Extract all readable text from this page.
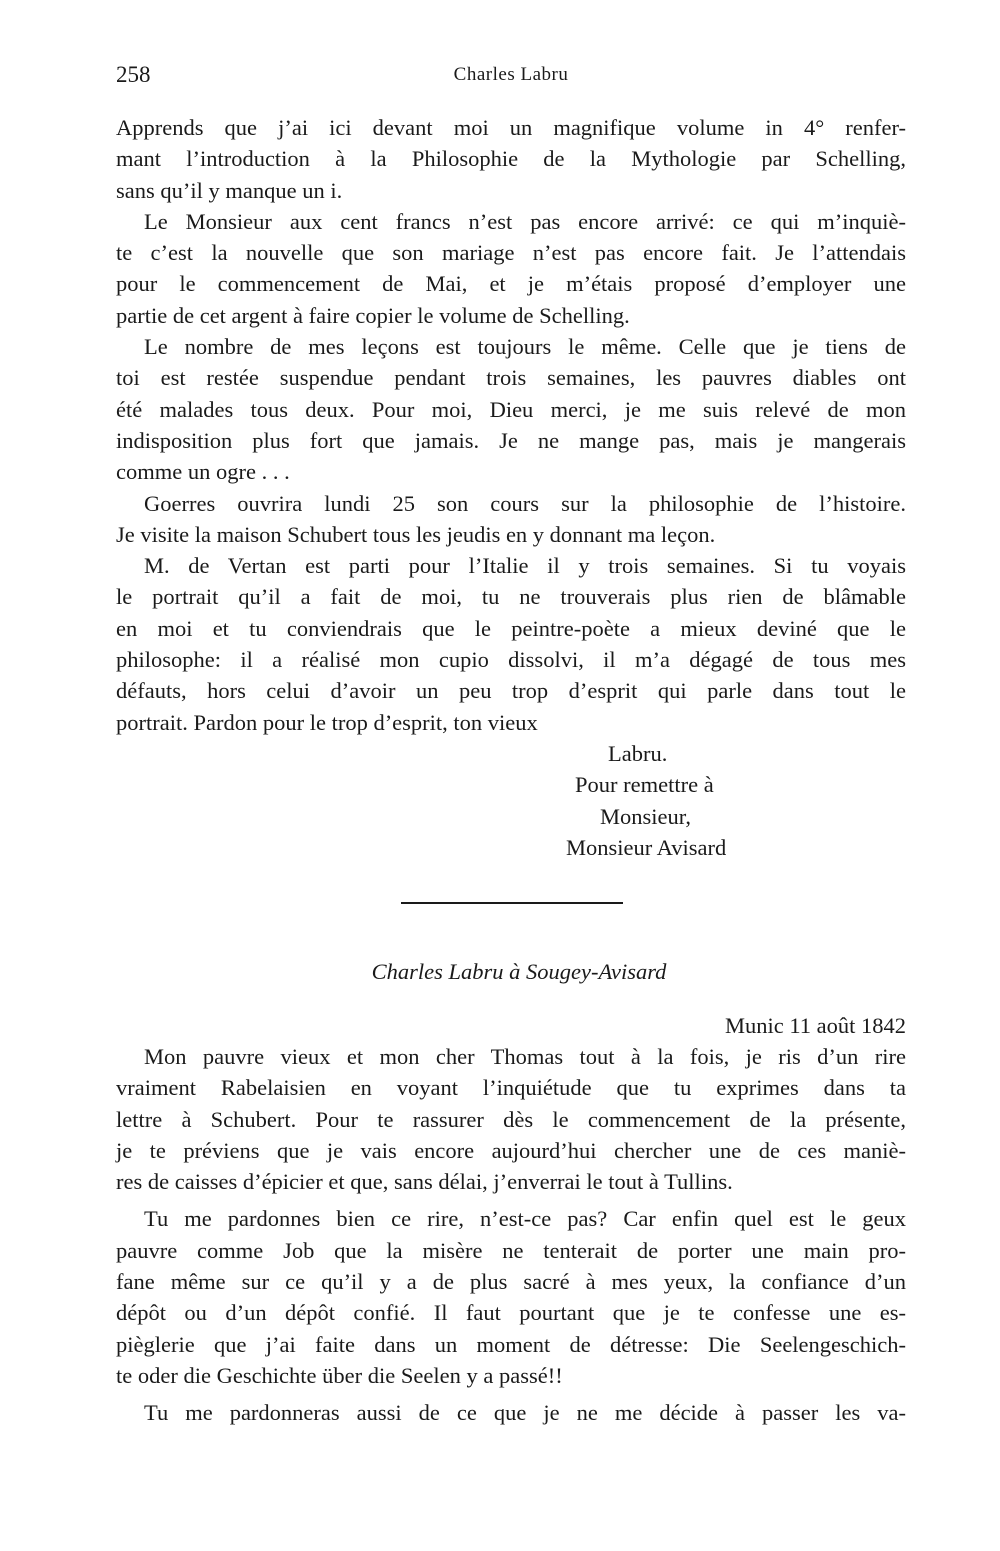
258	Charles Labru
Apprends que j’ai ici devant moi un magnifique volume in 4° renfer-
mant l’introduction à la Philosophie de la Mythologie par Schelling,
sans qu’il y manque un i.
Le Monsieur aux cent francs n’est pas encore arrivé: ce qui m’inquiè-
te c’est la nouvelle que son mariage n’est pas encore fait. Je l’attendais
pour le commencement de Mai, et je m’étais proposé d’employer une
partie de cet argent à faire copier le volume de Schelling.
Le nombre de mes leçons est toujours le même. Celle que je tiens de
toi est restée suspendue pendant trois semaines, les pauvres diables ont
été malades tous deux. Pour moi, Dieu merci, je me suis relevé de mon
indisposition plus fort que jamais. Je ne mange pas, mais je mangerais
comme un ogre . . .
Goerres ouvrira lundi 25 son cours sur la philosophie de l’histoire.
Je visite la maison Schubert tous les jeudis en y donnant ma leçon.
M. de Vertan est parti pour l’Italie il y trois semaines. Si tu voyais
le portrait qu’il a fait de moi, tu ne trouverais plus rien de blâmable
en moi et tu conviendrais que le peintre-poète a mieux deviné que le
philosophe: il a réalisé mon cupio dissolvi, il m’a dégagé de tous mes
défauts, hors celui d’avoir un peu trop d’esprit qui parle dans tout le
portrait. Pardon pour le trop d’esprit, ton vieux
Labru.
Pour remettre à
Monsieur,
Monsieur Avisard
Charles Labru à Sougey-Avisard
Munic 11 août 1842
Mon pauvre vieux et mon cher Thomas tout à la fois, je ris d’un rire
vraiment Rabelaisien en voyant l’inquiétude que tu exprimes dans ta
lettre à Schubert. Pour te rassurer dès le commencement de la présente,
je te préviens que je vais encore aujourd’hui chercher une de ces maniè-
res de caisses d’épicier et que, sans délai, j’enverrai le tout à Tullins.
Tu me pardonnes bien ce rire, n’est-ce pas? Car enfin quel est le geux
pauvre comme Job que la misère ne tenterait de porter une main pro-
fane même sur ce qu’il y a de plus sacré à mes yeux, la confiance d’un
dépôt ou d’un dépôt confié. Il faut pourtant que je te confesse une es-
pièglerie que j’ai faite dans un moment de détresse: Die Seelengeschich-
te oder die Geschichte über die Seelen y a passé!!
Tu me pardonneras aussi de ce que je ne me décide à passer les va-
